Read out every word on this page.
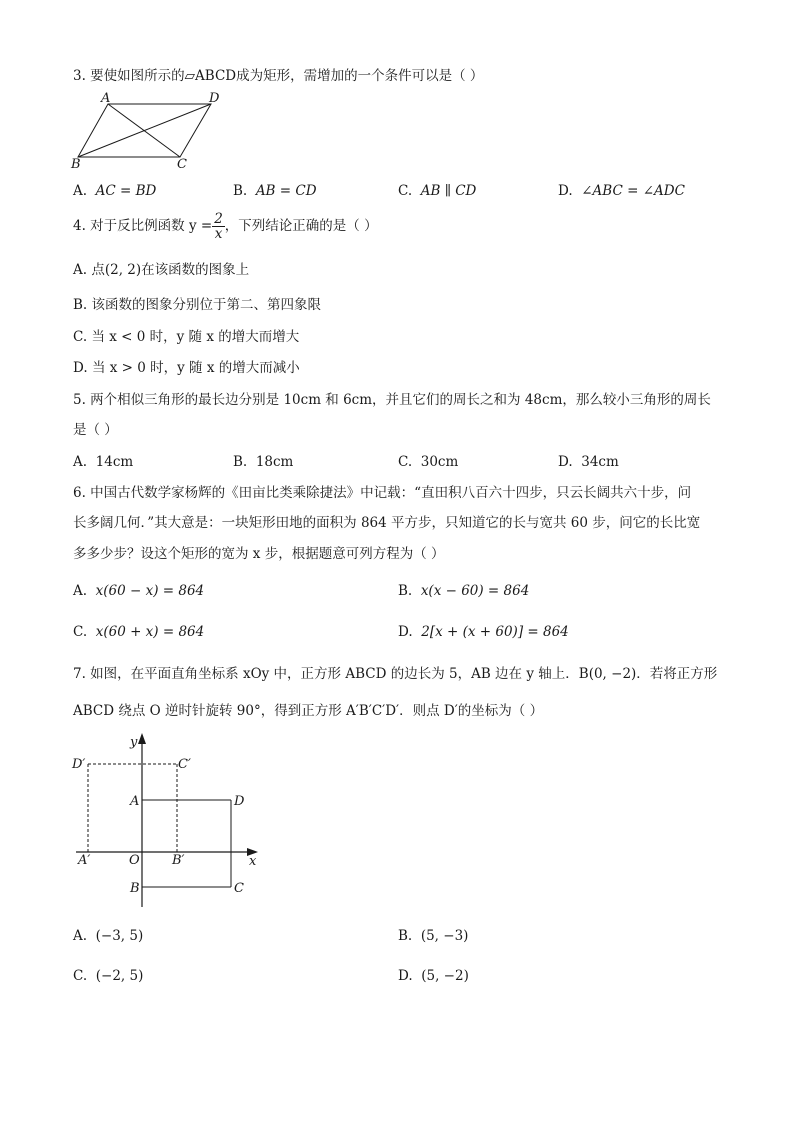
3. 要使如图所示的▱ABCD成为矩形，需增加的一个条件可以是（ ）
A	D
B	C
A. AC = BD	B. AB = CD	C. AB ∥ CD	D. ∠ABC = ∠ADC
4. 对于反比例函数 $y = \frac{2}{x}$ ，下列结论正确的是（ ）
A. 点(2, 2)在该函数的图象上
B. 该函数的图象分别位于第二、第四象限
C. 当 x < 0 时，y 随 x 的增大而增大
D. 当 x > 0 时，y 随 x 的增大而减小
5. 两个相似三角形的最长边分别是 10cm 和 6cm，并且它们的周长之和为 48cm，那么较小三角形的周长
是（ ）
A. 14cm	B. 18cm	C. 30cm	D. 34cm
6. 中国古代数学家杨辉的《田亩比类乘除捷法》中记载：“直田积八百六十四步，只云长阔共六十步，问
长多阔几何．”其大意是：一块矩形田地的面积为 864 平方步，只知道它的长与宽共 60 步，问它的长比宽
多多少步？设这个矩形的宽为 x 步，根据题意可列方程为（ ）
A. x(60 − x) = 864	B. x(x − 60) = 864
C. x(60 + x) = 864	D. 2[x + (x + 60)] = 864
7. 如图，在平面直角坐标系 xOy 中，正方形 ABCD 的边长为 5，AB 边在 y 轴上．B(0, −2)．若将正方形
ABCD 绕点 O 逆时针旋转 90°，得到正方形 A′B′C′D′．则点 D′的坐标为（ ）
y
x
O
A	D
B	C
A′	B′
C′
D′
A. (−3, 5)	B. (5, −3)
C. (−2, 5)	D. (5, −2)
